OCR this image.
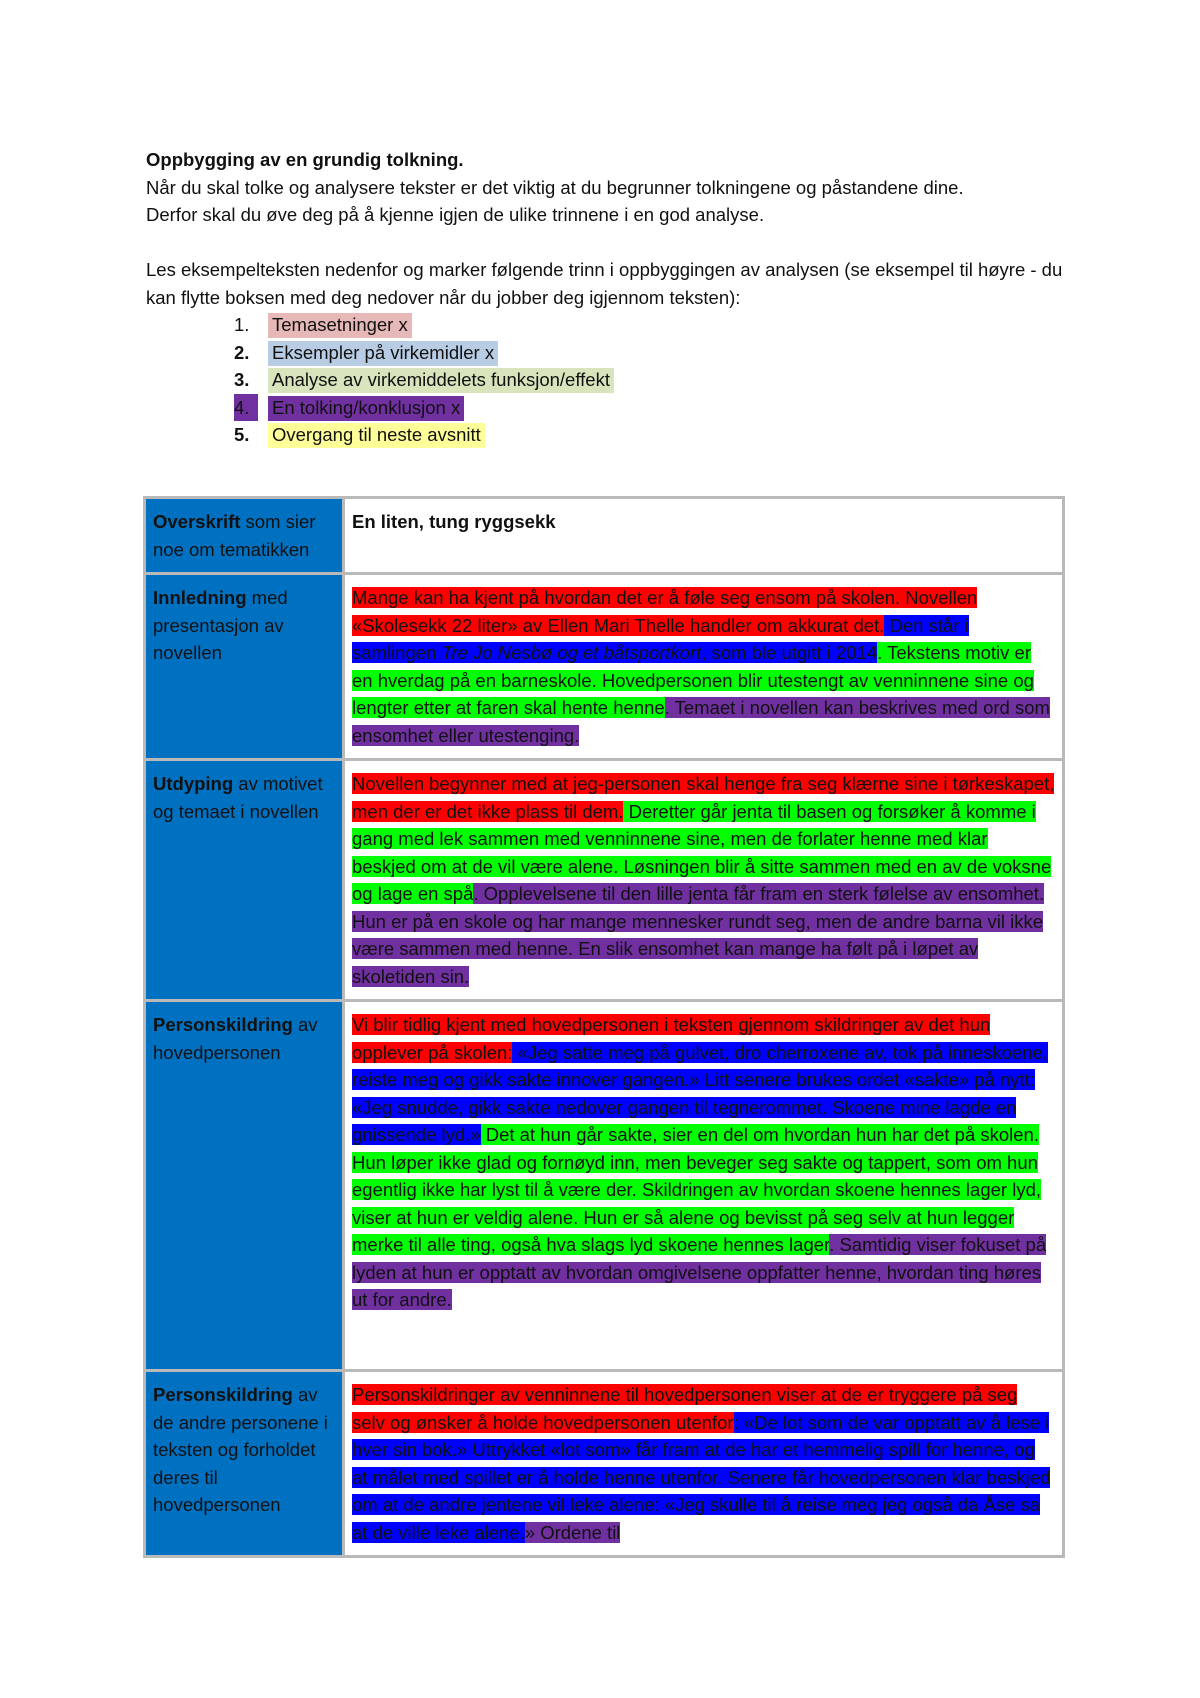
Oppbygging av en grundig tolkning.

Når du skal tolke og analysere tekster er det viktig at du begrunner tolkningene og påstandene dine.

Derfor skal du øve deg på å kjenne igjen de ulike trinnene i en god analyse.

Les eksempelteksten nedenfor og marker følgende trinn i oppbyggingen av analysen (se eksempel til høyre - du kan flytte boksen med deg nedover når du jobber deg igjennom teksten):

1.	Temasetninger x
2.	Eksempler på virkemidler x
3.	Analyse av virkemiddelets funksjon/effekt
4.	En tolking/konklusjon x
5.	Overgang til neste avsnitt
Overskrift som sier noe om tematikken	En liten, tung ryggsekk
Innledning med presentasjon av novellen	Mange kan ha kjent på hvordan det er å føle seg ensom på skolen. Novellen «Skolesekk 22 liter» av Ellen Mari Thelle handler om akkurat det. Den står i samlingen Tre Jo Nesbø og et båtsportkort, som ble utgitt i 2014. Tekstens motiv er en hverdag på en barneskole. Hovedpersonen blir utestengt av venninnene sine og lengter etter at faren skal hente henne. Temaet i novellen kan beskrives med ord som ensomhet eller utestenging.
Utdyping av motivet og temaet i novellen	Novellen begynner med at jeg-personen skal henge fra seg klærne sine i tørkeskapet, men der er det ikke plass til dem. Deretter går jenta til basen og forsøker å komme i gang med lek sammen med venninnene sine, men de forlater henne med klar beskjed om at de vil være alene. Løsningen blir å sitte sammen med en av de voksne og lage en spå. Opplevelsene til den lille jenta får fram en sterk følelse av ensomhet. Hun er på en skole og har mange mennesker rundt seg, men de andre barna vil ikke være sammen med henne. En slik ensomhet kan mange ha følt på i løpet av skoletiden sin.
Personskildring av hovedpersonen	Vi blir tidlig kjent med hovedpersonen i teksten gjennom skildringer av det hun opplever på skolen: «Jeg satte meg på gulvet, dro cherroxene av, tok på inneskoene, reiste meg og gikk sakte innover gangen.» Litt senere brukes ordet «sakte» på nytt: «Jeg snudde, gikk sakte nedover gangen til tegnerommet. Skoene mine lagde en gnissende lyd.» Det at hun går sakte, sier en del om hvordan hun har det på skolen. Hun løper ikke glad og fornøyd inn, men beveger seg sakte og tappert, som om hun egentlig ikke har lyst til å være der. Skildringen av hvordan skoene hennes lager lyd, viser at hun er veldig alene. Hun er så alene og bevisst på seg selv at hun legger merke til alle ting, også hva slags lyd skoene hennes lager. Samtidig viser fokuset på lyden at hun er opptatt av hvordan omgivelsene oppfatter henne, hvordan ting høres ut for andre.
Personskildring av de andre personene i teksten og forholdet deres til hovedpersonen	Personskildringer av venninnene til hovedpersonen viser at de er tryggere på seg selv og ønsker å holde hovedpersonen utenfor: «De lot som de var opptatt av å lese i hver sin bok.» Uttrykket «lot som» får fram at de har et hemmelig spill for henne, og at målet med spillet er å holde henne utenfor. Senere får hovedpersonen klar beskjed om at de andre jentene vil leke alene: «Jeg skulle til å reise meg jeg også da Åse sa at de ville leke alene.» Ordene til
